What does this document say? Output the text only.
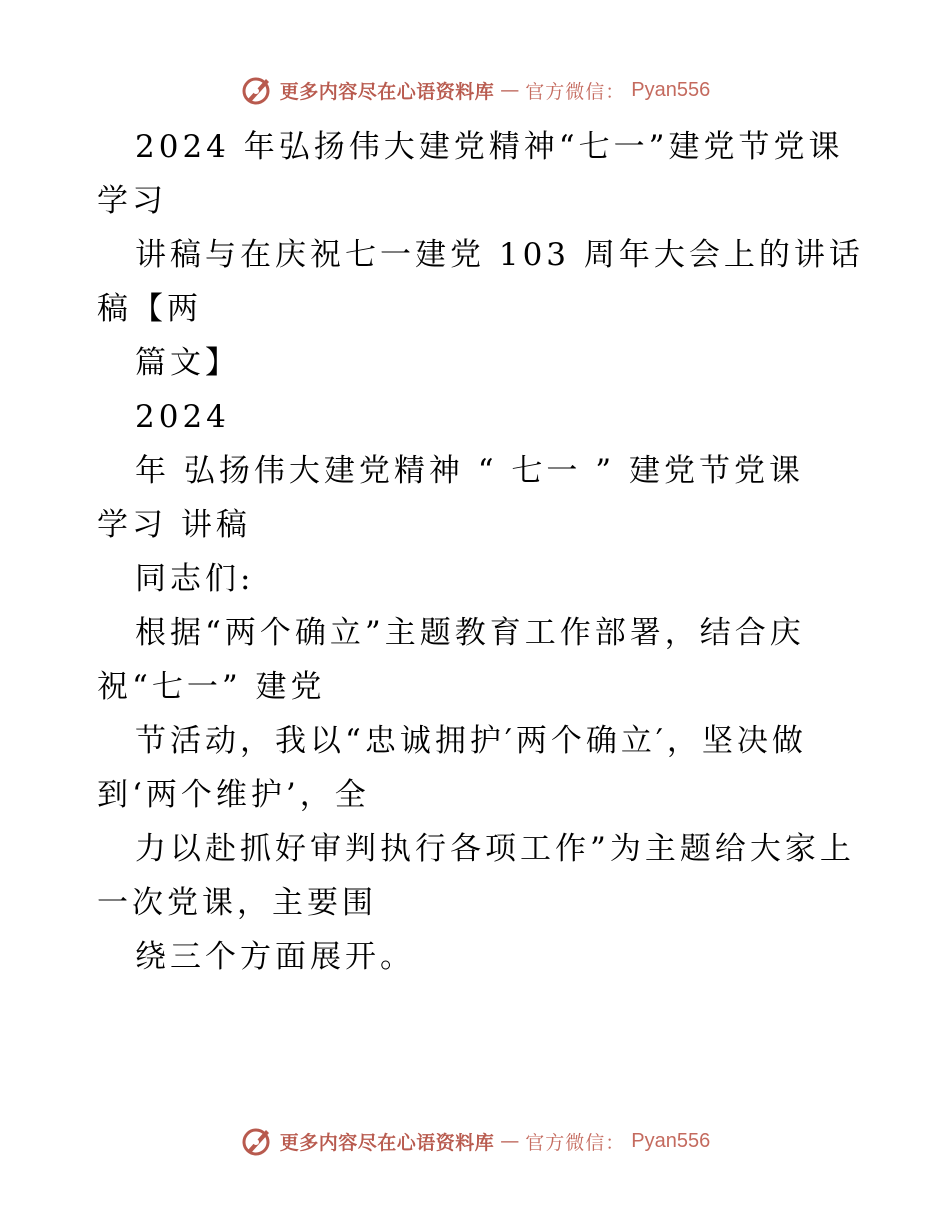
更多内容尽在心语资料库 — 官方微信： Pyan556

2024 年弘扬伟大建党精神“七一”建党节党课

学习

讲稿与在庆祝七一建党 103 周年大会上的讲话

稿【两

篇文】

2024

年 弘扬伟大建党精神 “ 七一 ” 建党节党课

学习 讲稿

同志们:

根据“两个确立”主题教育工作部署，结合庆

祝“七一” 建党

节活动，我以“忠诚拥护′两个确立′，坚决做

到‘两个维护’，全

力以赴抓好审判执行各项工作”为主题给大家上

一次党课，主要围

绕三个方面展开。

更多内容尽在心语资料库 — 官方微信： Pyan556
